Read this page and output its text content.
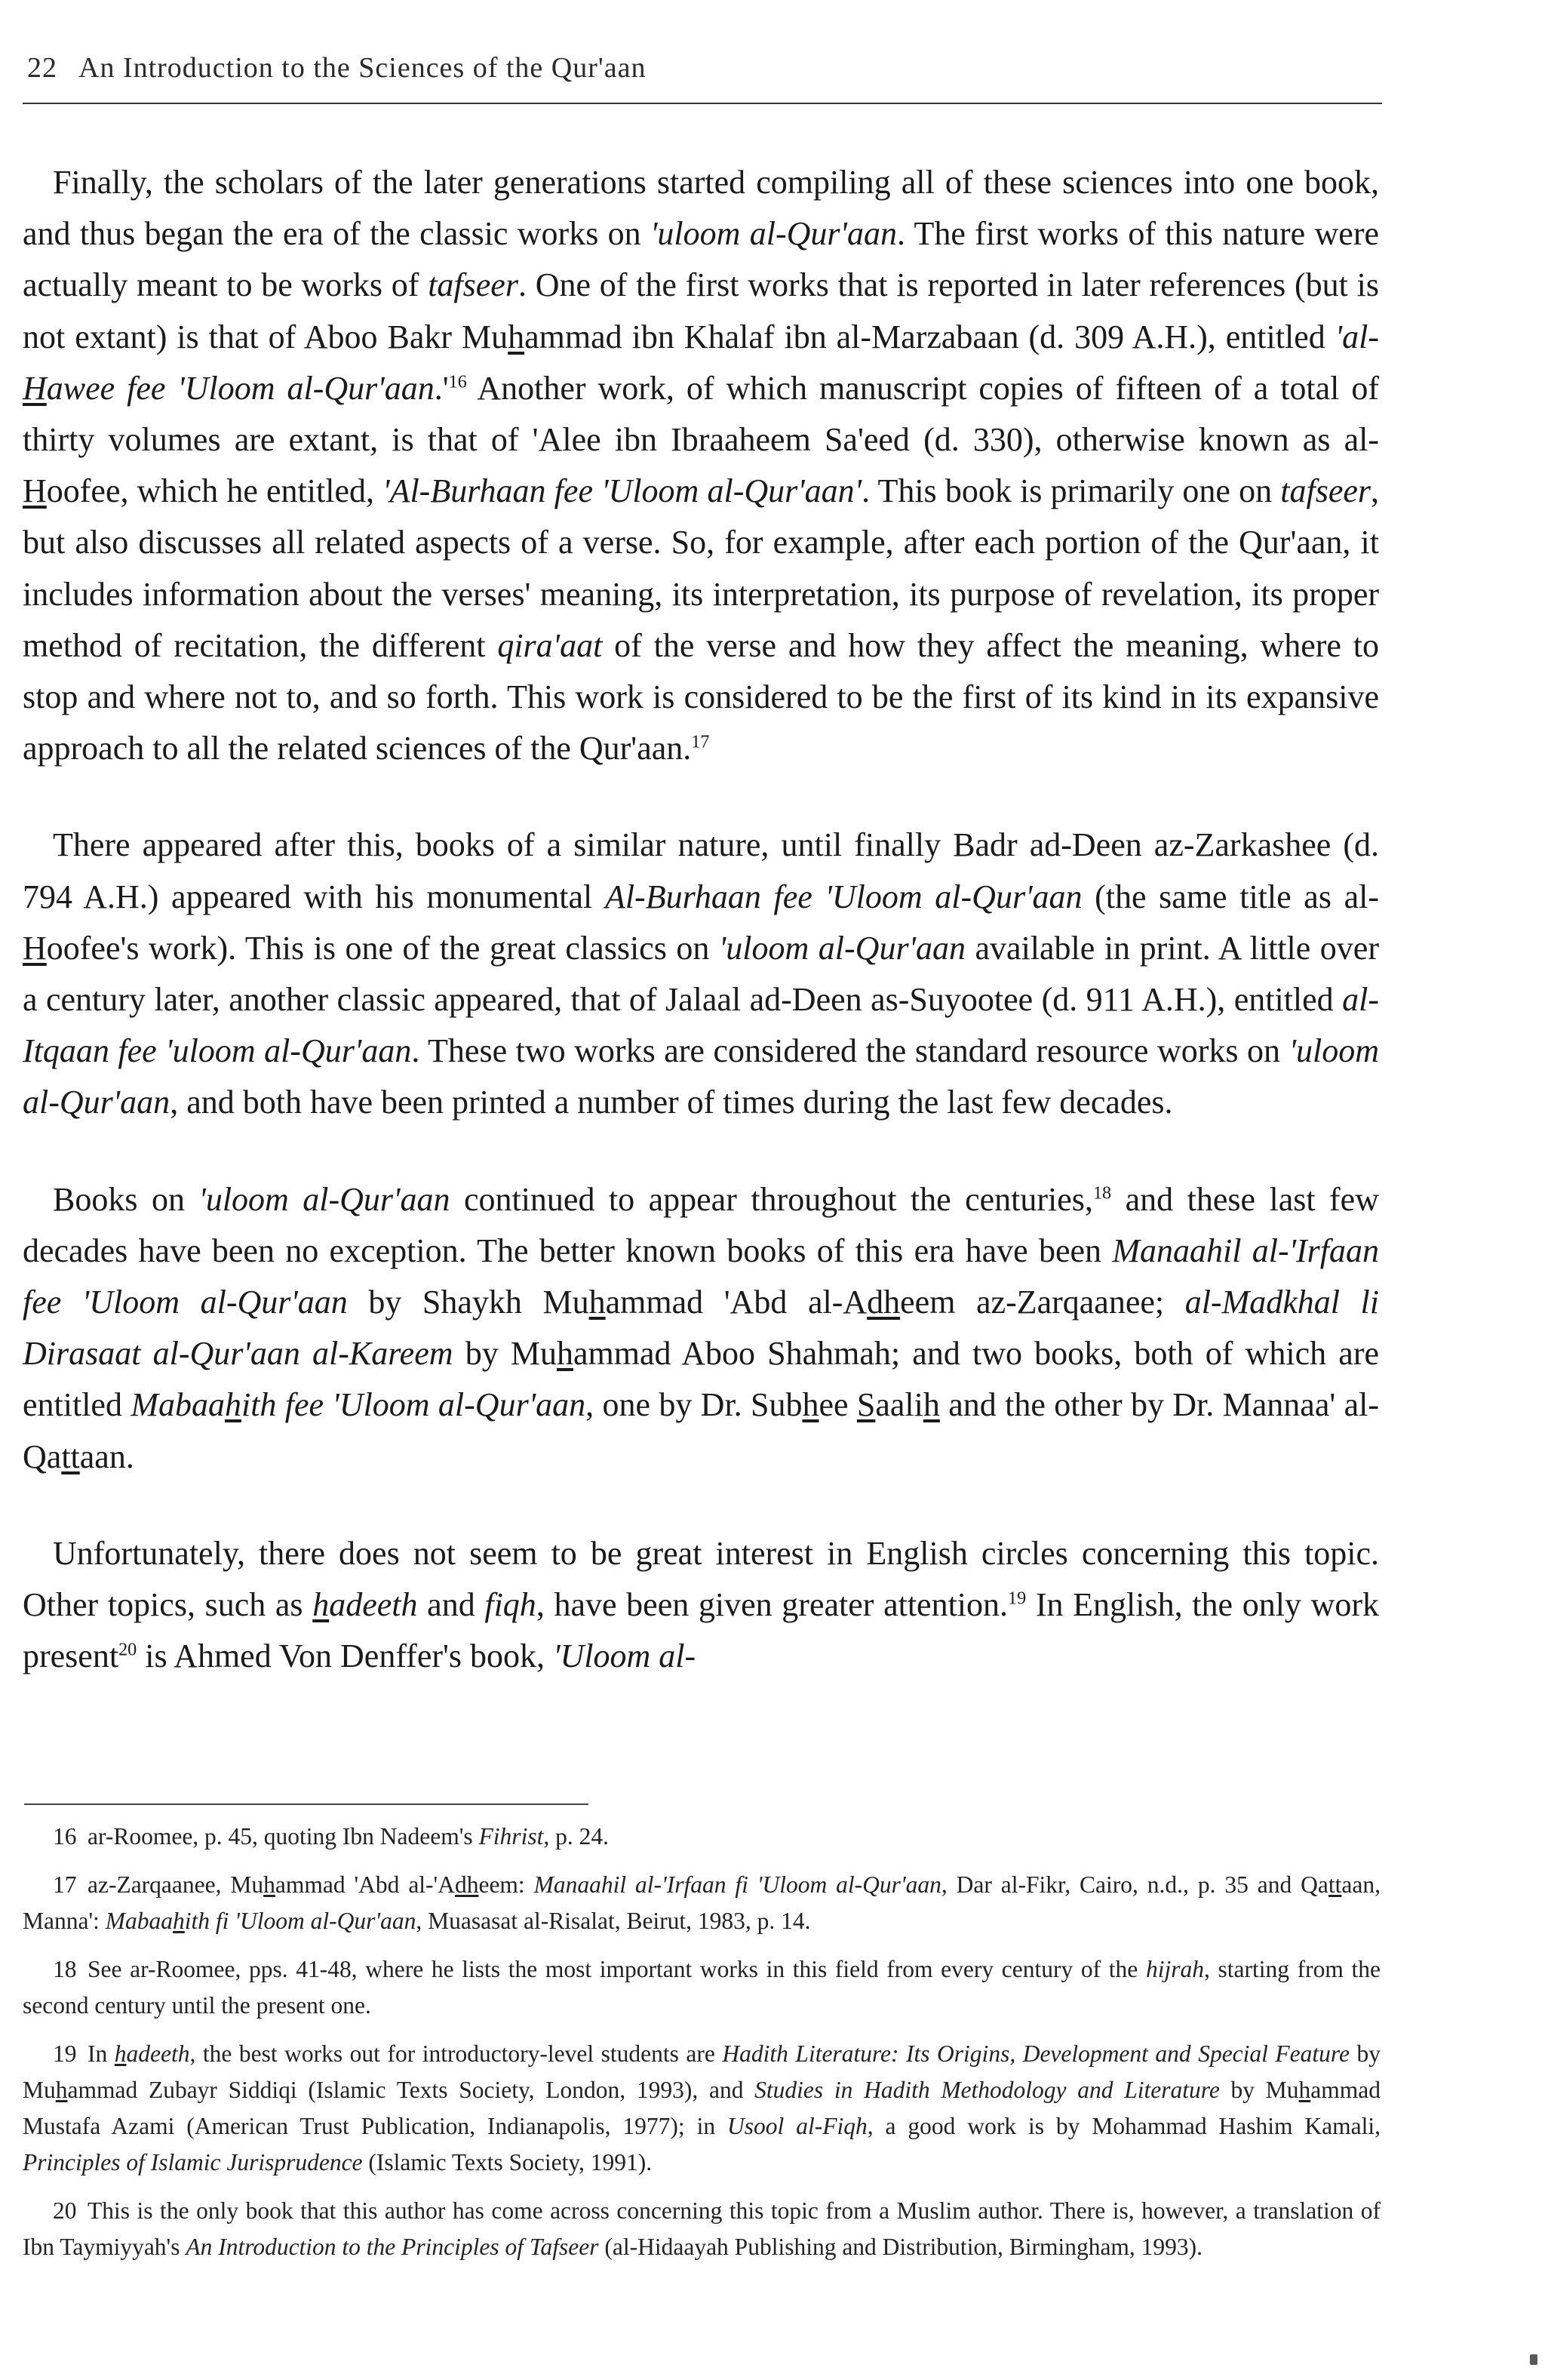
22 An Introduction to the Sciences of the Qur'aan

Finally, the scholars of the later generations started compiling all of these sciences into one book, and thus began the era of the classic works on 'uloom al-Qur'aan. The first works of this nature were actually meant to be works of tafseer. One of the first works that is reported in later references (but is not extant) is that of Aboo Bakr Muhammad ibn Khalaf ibn al-Marzabaan (d. 309 A.H.), entitled 'al-Hawee fee 'Uloom $al-Qur'aan.'^{16}$ Another work, of which manuscript copies of fifteen of a total of thirty volumes are extant, is that of 'Alee ibn Ibraaheem Sa'eed (d. 330), otherwise known as al-Hoofee, which he entitled, 'Al-Burhaan fee 'Uloom al-Qur'aan'. This book is primarily one on tafseer, but also discusses all related aspects of a verse. So, for example, after each portion of the Qur'aan, it includes information about the verses' meaning, its interpretation, its purpose of revelation, its proper method of recitation, the different qira'aat of the verse and how they affect the meaning, where to stop and where not to, and so forth. This work is considered to be the first of its kind in its expansive approach to all the related sciences of the Qur'aan.$^{17}$

There appeared after this, books of a similar nature, until finally Badr ad-Deen az-Zarkashee (d. 794 A.H.) appeared with his monumental Al-Burhaan fee 'Uloom al-Qur'aan (the same title as al-Hoofee's work). This is one of the great classics on 'uloom al-Qur'aan available in print. A little over a century later, another classic appeared, that of Jalaal ad-Deen as-Suyootee (d. 911 A.H.), entitled al-Itqaan fee 'uloom al-Qur'aan. These two works are considered the standard resource works on 'uloom al-Qur'aan, and both have been printed a number of times during the last few decades.

Books on 'uloom al-Qur'aan continued to appear throughout the centuries,$^{18}$ and these last few decades have been no exception. The better known books of this era have been Manaahil al-'Irfaan fee 'Uloom al-Qur'aan by Shaykh Muhammad 'Abd al-Adheem az-Zarqaanee; al-Madkhal li Dirasaat al-Qur'aan al-Kareem by Muhammad Aboo Shahmah; and two books, both of which are entitled Mabaahith fee 'Uloom al-Qur'aan, one by Dr. Subhee Saalih and the other by Dr. Mannaa' al-Qattaan.

Unfortunately, there does not seem to be great interest in English circles concerning this topic. Other topics, such as hadeeth and fiqh, have been given greater attention.$^{19}$ In English, the only work present$^{20}$ is Ahmed Von Denffer's book, 'Uloom al-

16 ar-Roomee, p. 45, quoting Ibn Nadeem's Fihrist, p. 24.

17 az-Zarqaanee, Muhammad 'Abd al-'Adheem: Manaahil al-'Irfaan fi 'Uloom al-Qur'aan, Dar al-Fikr, Cairo, n.d., p. 35 and Qattaan, Manna': Mabaahith fi 'Uloom al-Qur'aan, Muasasat al-Risalat, Beirut, 1983, p. 14.

18 See ar-Roomee, pps. 41-48, where he lists the most important works in this field from every century of the hijrah, starting from the second century until the present one.

19 In hadeeth, the best works out for introductory-level students are Hadith Literature: Its Origins, Development and Special Feature by Muhammad Zubayr Siddiqi (Islamic Texts Society, London, 1993), and Studies in Hadith Methodology and Literature by Muhammad Mustafa Azami (American Trust Publication, Indianapolis, 1977); in Usool al-Fiqh, a good work is by Mohammad Hashim Kamali, Principles of Islamic Jurisprudence (Islamic Texts Society, 1991).

20 This is the only book that this author has come across concerning this topic from a Muslim author. There is, however, a translation of Ibn Taymiyyah's An Introduction to the Principles of Tafseer (al-Hidaayah Publishing and Distribution, Birmingham, 1993).
